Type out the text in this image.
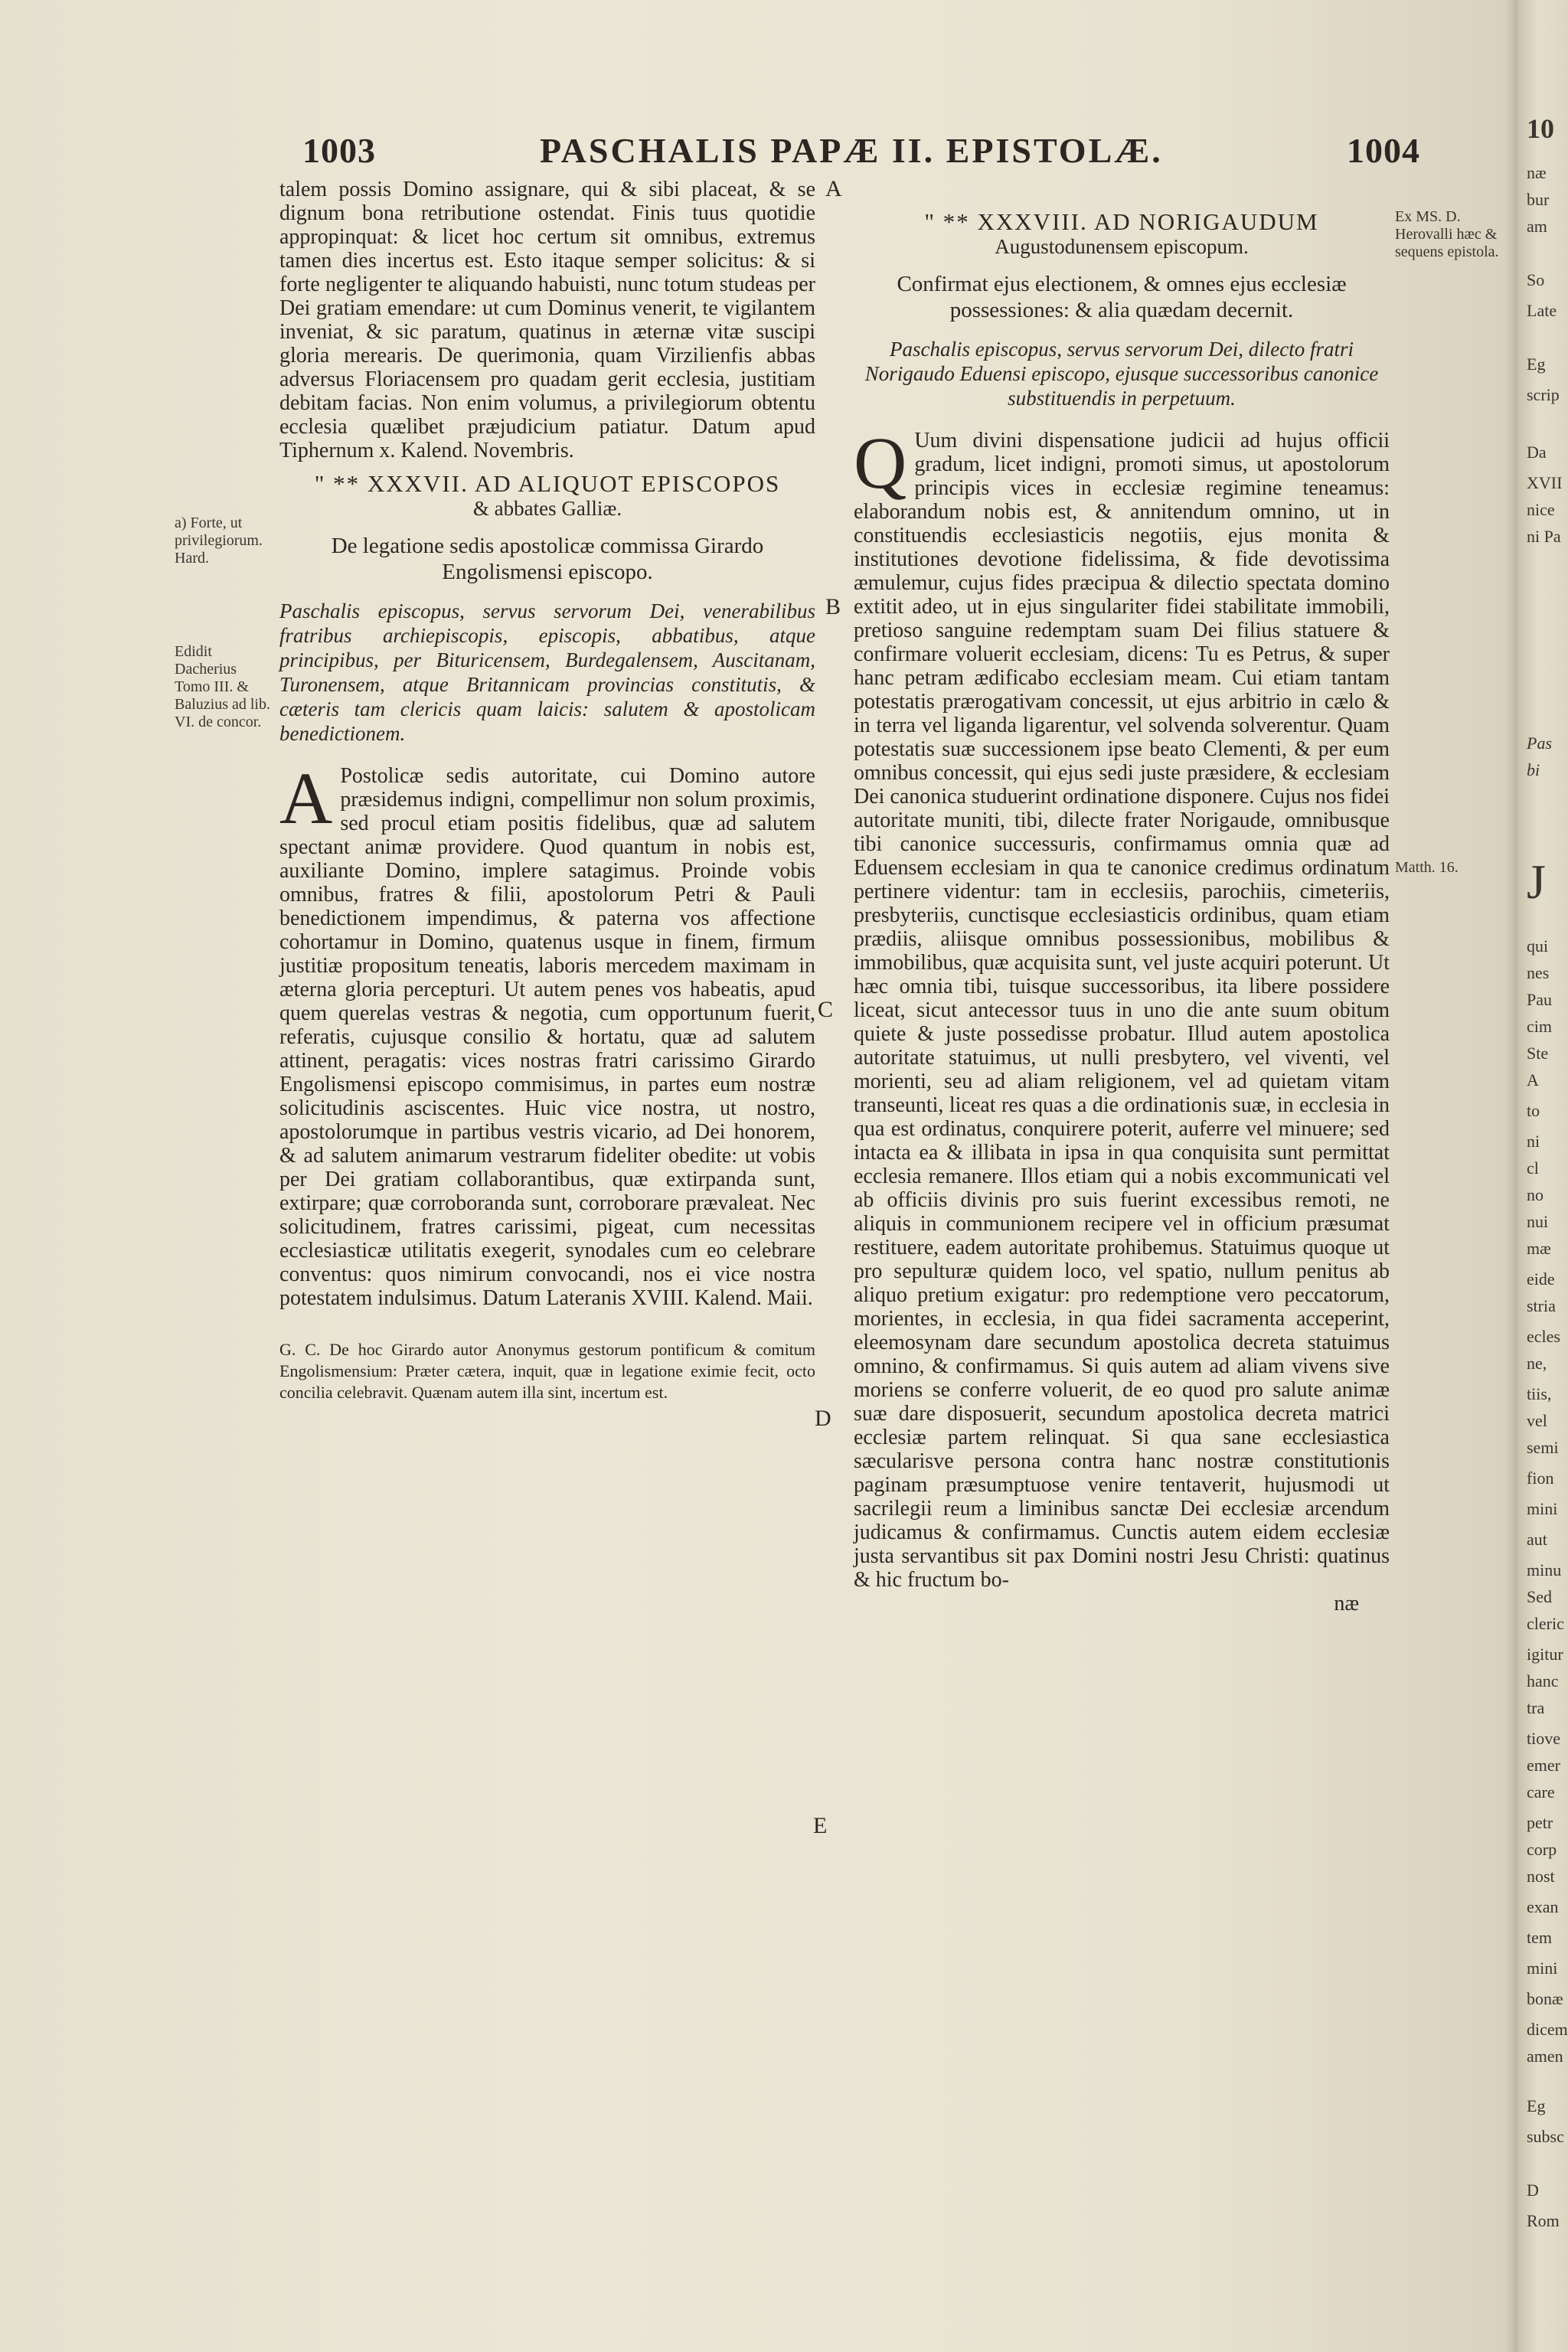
1003	PASCHALIS PAPÆ II. EPISTOLÆ.	1004

talem possis Domino assignare, qui & sibi placeat, & se dignum bona retributione ostendat. Finis tuus quotidie appropinquat: & licet hoc certum sit omnibus, extremus tamen dies incertus est. Esto itaque semper solicitus: & si forte negligenter te aliquando habuisti, nunc totum studeas per Dei gratiam emendare: ut cum Dominus venerit, te vigilantem inveniat, & sic paratum, quatinus in æternæ vitæ suscipi gloria merearis. De querimonia, quam Virzilienfis abbas adversus Floriacensem pro quadam gerit ecclesia, justitiam debitam facias. Non enim volumus, a privilegiorum obtentu ecclesia quælibet præjudicium patiatur. Datum apud Tiphernum x. Kalend. Novembris.

" ** XXXVII. AD ALIQUOT EPISCOPOS
& abbates Galliæ.
De legatione sedis apostolicæ commissa Girardo Engolismensi episcopo.
Paschalis episcopus, servus servorum Dei, venerabilibus fratribus archiepiscopis, episcopis, abbatibus, atque principibus, per Bituricensem, Burdegalensem, Auscitanam, Turonensem, atque Britannicam provincias constitutis, & cæteris tam clericis quam laicis: salutem & apostolicam benedictionem.

A Postolicæ sedis autoritate, cui Domino autore præsidemus indigni, compellimur non solum proximis, sed procul etiam positis fidelibus, quæ ad salutem spectant animæ providere. Quod quantum in nobis est, auxiliante Domino, implere satagimus. Proinde vobis omnibus, fratres & filii, apostolorum Petri & Pauli benedictionem impendimus, & paterna vos affectione cohortamur in Domino, quatenus usque in finem, firmum justitiæ propositum teneatis, laboris mercedem maximam in æterna gloria percepturi. Ut autem penes vos habeatis, apud quem querelas vestras & negotia, cum opportunum fuerit, referatis, cujusque consilio & hortatu, quæ ad salutem attinent, peragatis: vices nostras fratri carissimo Girardo Engolismensi episcopo commisimus, in partes eum nostræ solicitudinis asciscentes. Huic vice nostra, ut nostro, apostolorumque in partibus vestris vicario, ad Dei honorem, & ad salutem animarum vestrarum fideliter obedite: ut vobis per Dei gratiam collaborantibus, quæ extirpanda sunt, extirpare; quæ corroboranda sunt, corroborare prævaleat. Nec solicitudinem, fratres carissimi, pigeat, cum necessitas ecclesiasticæ utilitatis exegerit, synodales cum eo celebrare conventus: quos nimirum convocandi, nos ei vice nostra potestatem indulsimus. Datum Lateranis XVIII. Kalend. Maii.

G. C. De hoc Girardo autor Anonymus gestorum pontificum & comitum Engolismensium: Præter cætera, inquit, quæ in legatione eximie fecit, octo concilia celebravit. Quænam autem illa sint, incertum est.
" ** XXXVIII. AD NORIGAUDUM
Augustodunensem episcopum.
Confirmat ejus electionem, & omnes ejus ecclesiæ possessiones: & alia quædam decernit.
Paschalis episcopus, servus servorum Dei, dilecto fratri Norigaudo Eduensi episcopo, ejusque successoribus canonice substituendis in perpetuum.

Q Uum divini dispensatione judicii ad hujus officii gradum, licet indigni, promoti simus, ut apostolorum principis vices in ecclesiæ regimine teneamus: elaborandum nobis est, & annitendum omnino, ut in constituendis ecclesiasticis negotiis, ejus monita & institutiones devotione fidelissima, & fide devotissima æmulemur, cujus fides præcipua & dilectio spectata domino extitit adeo, ut in ejus singulariter fidei stabilitate immobili, pretioso sanguine redemptam suam Dei filius statuere & confirmare voluerit ecclesiam, dicens: Tu es Petrus, & super hanc petram ædificabo ecclesiam meam. Cui etiam tantam potestatis prærogativam concessit, ut ejus arbitrio in cælo & in terra vel liganda ligarentur, vel solvenda solverentur. Quam potestatis suæ successionem ipse beato Clementi, & per eum omnibus concessit, qui ejus sedi juste præsidere, & ecclesiam Dei canonica studuerint ordinatione disponere. Cujus nos fidei autoritate muniti, tibi, dilecte frater Norigaude, omnibusque tibi canonice successuris, confirmamus omnia quæ ad Eduensem ecclesiam in qua te canonice credimus ordinatum pertinere videntur: tam in ecclesiis, parochiis, cimeteriis, presbyteriis, cunctisque ecclesiasticis ordinibus, quam etiam prædiis, aliisque omnibus possessionibus, mobilibus & immobilibus, quæ acquisita sunt, vel juste acquiri poterunt. Ut hæc omnia tibi, tuisque successoribus, ita libere possidere liceat, sicut antecessor tuus in uno die ante suum obitum quiete & juste possedisse probatur. Illud autem apostolica autoritate statuimus, ut nulli presbytero, vel viventi, vel morienti, seu ad aliam religionem, vel ad quietam vitam transeunti, liceat res quas a die ordinationis suæ, in ecclesia in qua est ordinatus, conquirere poterit, auferre vel minuere; sed intacta ea & illibata in ipsa in qua conquisita sunt permittat ecclesia remanere. Illos etiam qui a nobis excommunicati vel ab officiis divinis pro suis fuerint excessibus remoti, ne aliquis in communionem recipere vel in officium præsumat restituere, eadem autoritate prohibemus. Statuimus quoque ut pro sepulturæ quidem loco, vel spatio, nullum penitus ab aliquo pretium exigatur: pro redemptione vero peccatorum, morientes, in ecclesia, in qua fidei sacramenta acceperint, eleemosynam dare secundum apostolica decreta statuimus omnino, & confirmamus. Si quis autem ad aliam vivens sive moriens se conferre voluerit, de eo quod pro salute animæ suæ dare disposuerit, secundum apostolica decreta matrici ecclesiæ partem relinquat. Si qua sane ecclesiastica sæcularisve persona contra hanc nostræ constitutionis paginam præsumptuose venire tentaverit, hujusmodi ut sacrilegii reum a liminibus sanctæ Dei ecclesiæ arcendum judicamus & confirmamus. Cunctis autem eidem ecclesiæ justa servantibus sit pax Domini nostri Jesu Christi: quatinus & hic fructum bo-

næ
a) Forte, ut privilegiorum. Hard.
Edidit Dacherius Tomo III. & Baluzius ad lib. VI. de concor.
Ex MS. D. Herovalli hæc & sequens epistola.
Matth. 16.
A
B
C
D
E
10
næ
bur
am
So
Late
Eg
scrip
Da
XVII
nice
ni Pa
Pas
bi
J
qui
nes
Pau
cim
Ste
A
to
ni
cl
no
nui
mæ
eide
stria
ecles
ne,
tiis,
vel
semi
fion
mini
aut
minu
Sed
cleric
igitur
hanc
tra
tiove
emer
care
petr
corp
nost
exan
tem
mini
bonæ
dicem
amen
Eg
subsc
D
Rom
